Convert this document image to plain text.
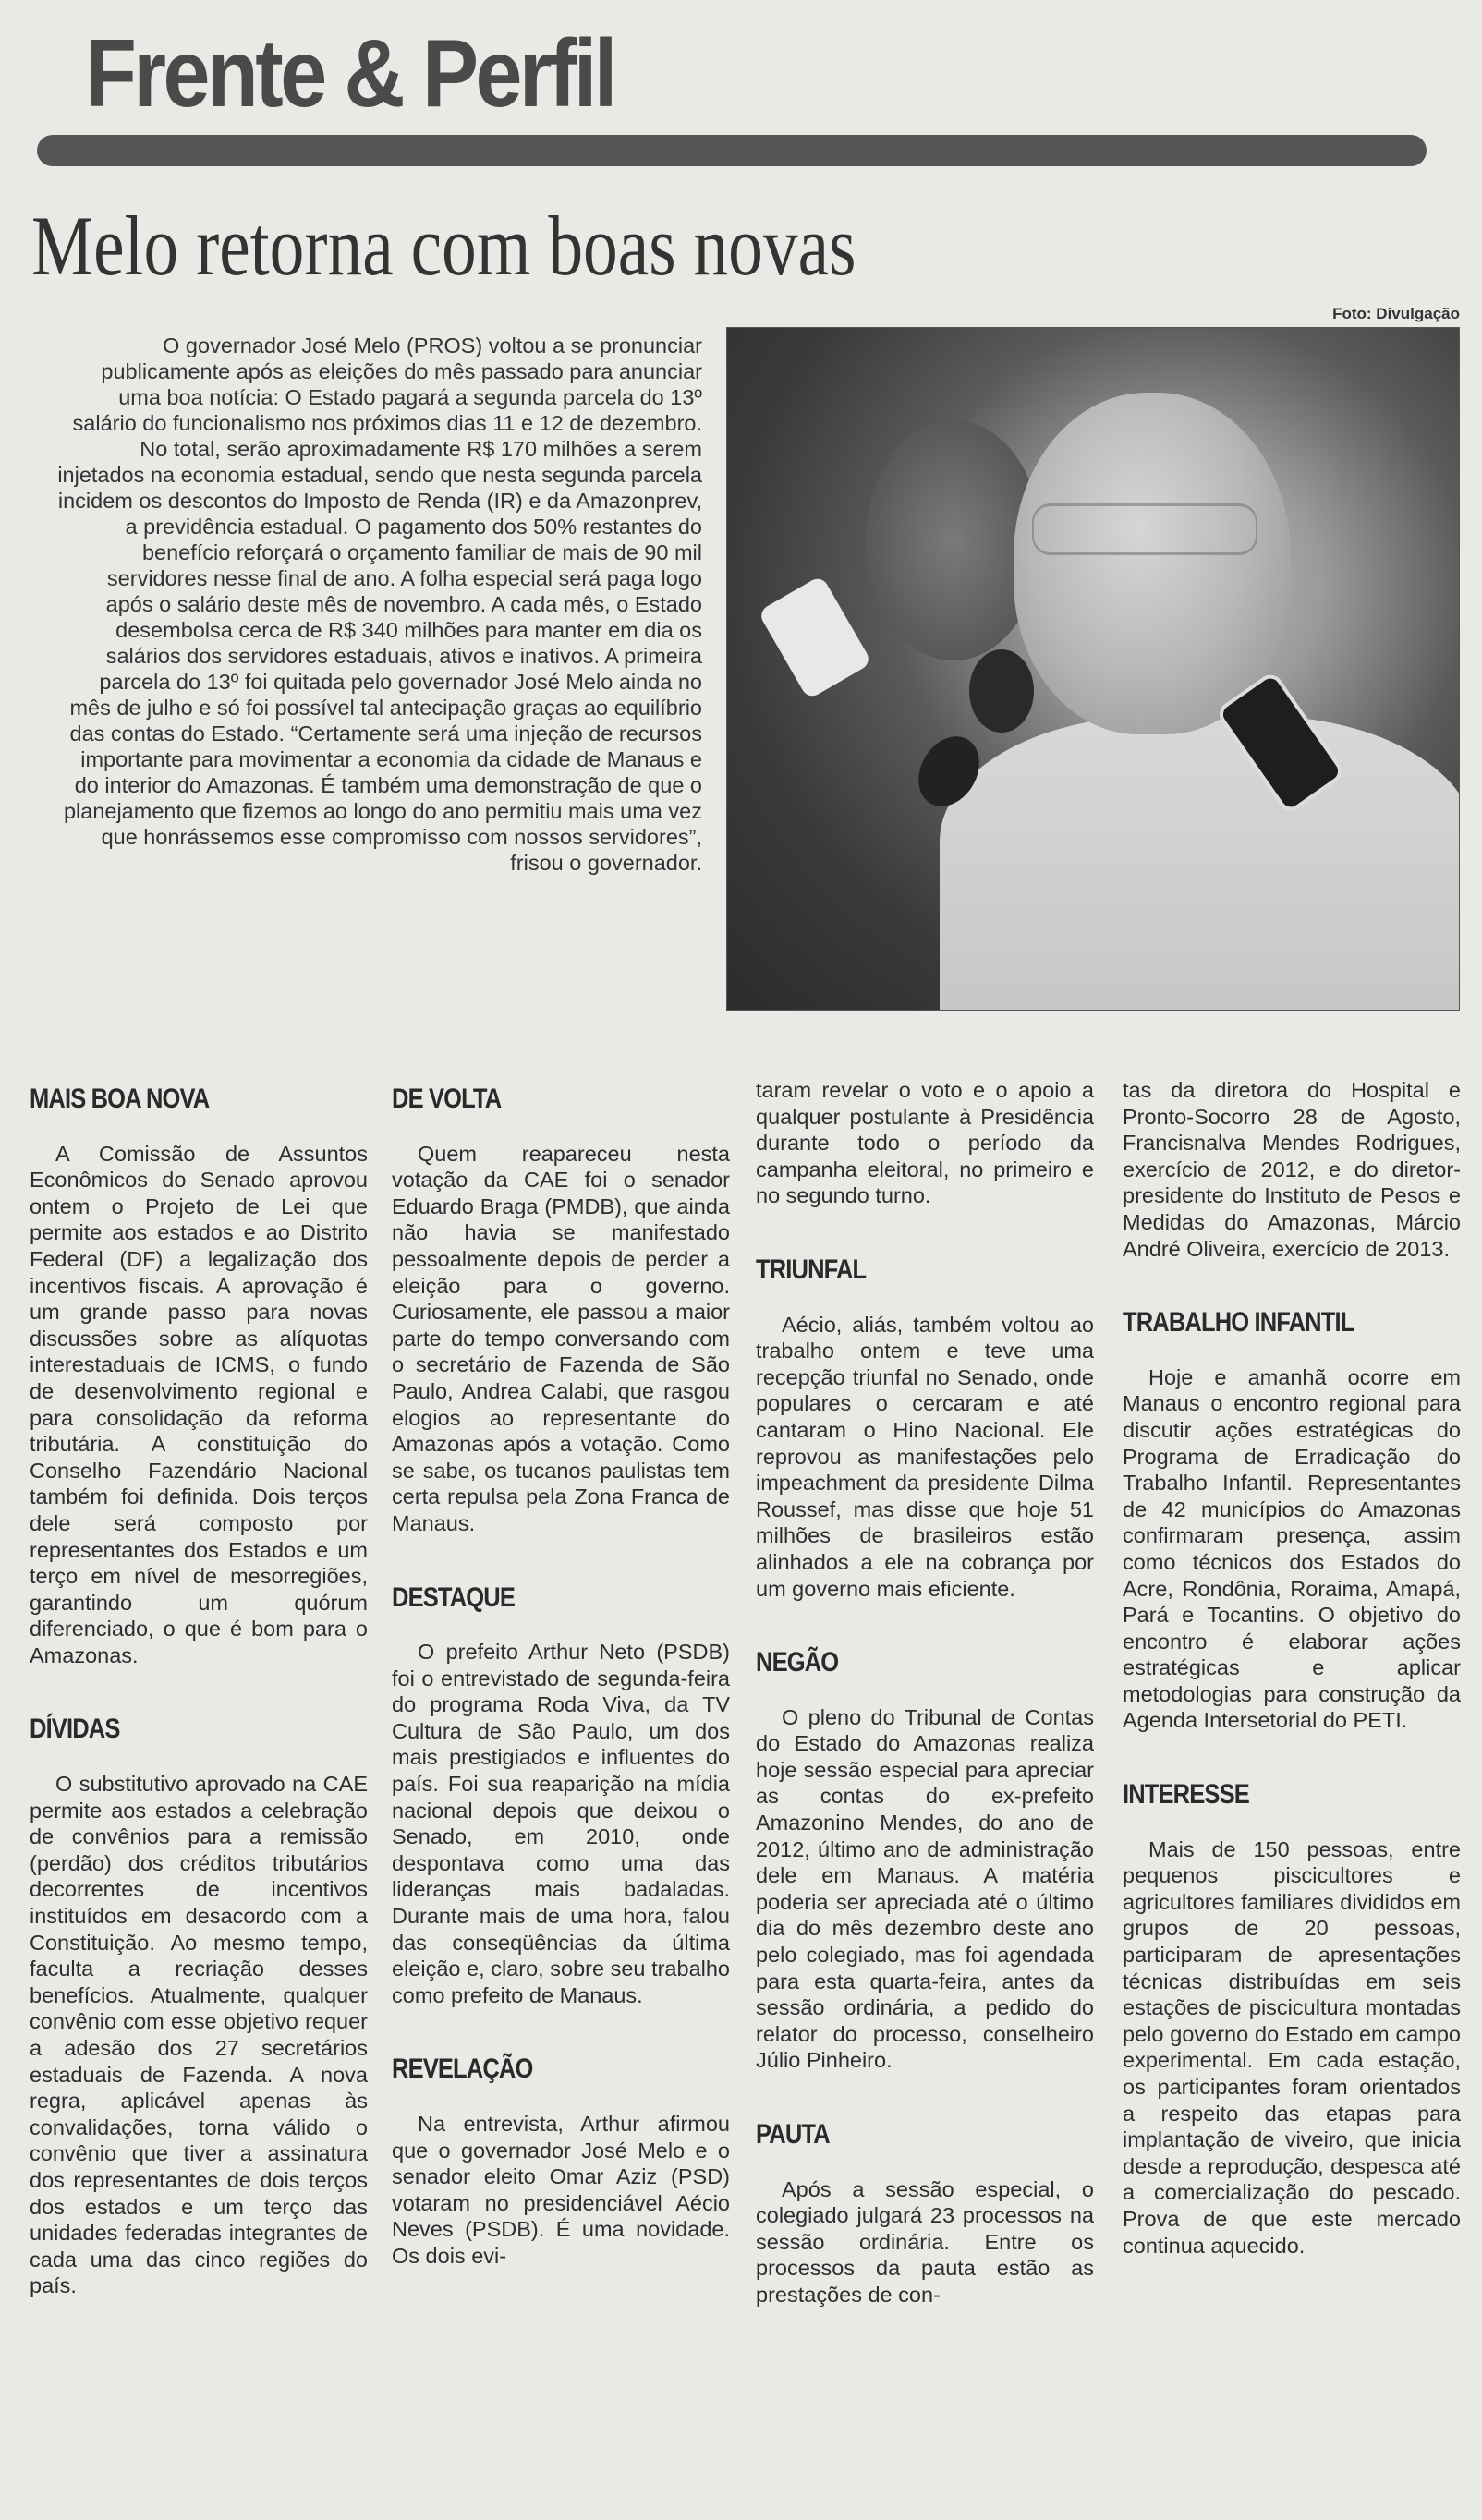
Frente & Perfil
Melo retorna com boas novas
Foto: Divulgação
O governador José Melo (PROS) voltou a se pronunciar publicamente após as eleições do mês passado para anunciar uma boa notícia: O Estado pagará a segunda parcela do 13º salário do funcionalismo nos próximos dias 11 e 12 de dezembro. No total, serão aproximadamente R$ 170 milhões a serem injetados na economia estadual, sendo que nesta segunda parcela incidem os descontos do Imposto de Renda (IR) e da Amazonprev, a previdência estadual. O pagamento dos 50% restantes do benefício reforçará o orçamento familiar de mais de 90 mil servidores nesse final de ano. A folha especial será paga logo após o salário deste mês de novembro. A cada mês, o Estado desembolsa cerca de R$ 340 milhões para manter em dia os salários dos servidores estaduais, ativos e inativos. A primeira parcela do 13º foi quitada pelo governador José Melo ainda no mês de julho e só foi possível tal antecipação graças ao equilíbrio das contas do Estado. “Certamente será uma injeção de recursos importante para movimentar a economia da cidade de Manaus e do interior do Amazonas. É também uma demonstração de que o planejamento que fizemos ao longo do ano permitiu mais uma vez que honrássemos esse compromisso com nossos servidores”, frisou o governador.
MAIS BOA NOVA

A Comissão de Assuntos Econômicos do Senado aprovou ontem o Projeto de Lei que permite aos estados e ao Distrito Federal (DF) a legalização dos incentivos fiscais. A aprovação é um grande passo para novas discussões sobre as alíquotas interestaduais de ICMS, o fundo de desenvolvimento regional e para consolidação da reforma tributária. A constituição do Conselho Fazendário Nacional também foi definida. Dois terços dele será composto por representantes dos Estados e um terço em nível de mesorregiões, garantindo um quórum diferenciado, o que é bom para o Amazonas.

DÍVIDAS

O substitutivo aprovado na CAE permite aos estados a celebração de convênios para a remissão (perdão) dos créditos tributários decorrentes de incentivos instituídos em desacordo com a Constituição. Ao mesmo tempo, faculta a recriação desses benefícios. Atualmente, qualquer convênio com esse objetivo requer a adesão dos 27 secretários estaduais de Fazenda. A nova regra, aplicável apenas às convalidações, torna válido o convênio que tiver a assinatura dos representantes de dois terços dos estados e um terço das unidades federadas integrantes de cada uma das cinco regiões do país.

DE VOLTA

Quem reapareceu nesta votação da CAE foi o senador Eduardo Braga (PMDB), que ainda não havia se manifestado pessoalmente depois de perder a eleição para o governo. Curiosamente, ele passou a maior parte do tempo conversando com o secretário de Fazenda de São Paulo, Andrea Calabi, que rasgou elogios ao representante do Amazonas após a votação. Como se sabe, os tucanos paulistas tem certa repulsa pela Zona Franca de Manaus.

DESTAQUE

O prefeito Arthur Neto (PSDB) foi o entrevistado de segunda-feira do programa Roda Viva, da TV Cultura de São Paulo, um dos mais prestigiados e influentes do país. Foi sua reaparição na mídia nacional depois que deixou o Senado, em 2010, onde despontava como uma das lideranças mais badaladas. Durante mais de uma hora, falou das conseqüências da última eleição e, claro, sobre seu trabalho como prefeito de Manaus.

REVELAÇÃO

Na entrevista, Arthur afirmou que o governador José Melo e o senador eleito Omar Aziz (PSD) votaram no presidenciável Aécio Neves (PSDB). É uma novidade. Os dois evi-

taram revelar o voto e o apoio a qualquer postulante à Presidência durante todo o período da campanha eleitoral, no primeiro e no segundo turno.

TRIUNFAL

Aécio, aliás, também voltou ao trabalho ontem e teve uma recepção triunfal no Senado, onde populares o cercaram e até cantaram o Hino Nacional. Ele reprovou as manifestações pelo impeachment da presidente Dilma Roussef, mas disse que hoje 51 milhões de brasileiros estão alinhados a ele na cobrança por um governo mais eficiente.

NEGÃO

O pleno do Tribunal de Contas do Estado do Amazonas realiza hoje sessão especial para apreciar as contas do ex-prefeito Amazonino Mendes, do ano de 2012, último ano de administração dele em Manaus. A matéria poderia ser apreciada até o último dia do mês dezembro deste ano pelo colegiado, mas foi agendada para esta quarta-feira, antes da sessão ordinária, a pedido do relator do processo, conselheiro Júlio Pinheiro.

PAUTA

Após a sessão especial, o colegiado julgará 23 processos na sessão ordinária. Entre os processos da pauta estão as prestações de con-

tas da diretora do Hospital e Pronto-Socorro 28 de Agosto, Francisnalva Mendes Rodrigues, exercício de 2012, e do diretor-presidente do Instituto de Pesos e Medidas do Amazonas, Márcio André Oliveira, exercício de 2013.

TRABALHO INFANTIL

Hoje e amanhã ocorre em Manaus o encontro regional para discutir ações estratégicas do Programa de Erradicação do Trabalho Infantil. Representantes de 42 municípios do Amazonas confirmaram presença, assim como técnicos dos Estados do Acre, Rondônia, Roraima, Amapá, Pará e Tocantins. O objetivo do encontro é elaborar ações estratégicas e aplicar metodologias para construção da Agenda Intersetorial do PETI.

INTERESSE

Mais de 150 pessoas, entre pequenos piscicultores e agricultores familiares divididos em grupos de 20 pessoas, participaram de apresentações técnicas distribuídas em seis estações de piscicultura montadas pelo governo do Estado em campo experimental. Em cada estação, os participantes foram orientados a respeito das etapas para implantação de viveiro, que inicia desde a reprodução, despesca até a comercialização do pescado. Prova de que este mercado continua aquecido.
